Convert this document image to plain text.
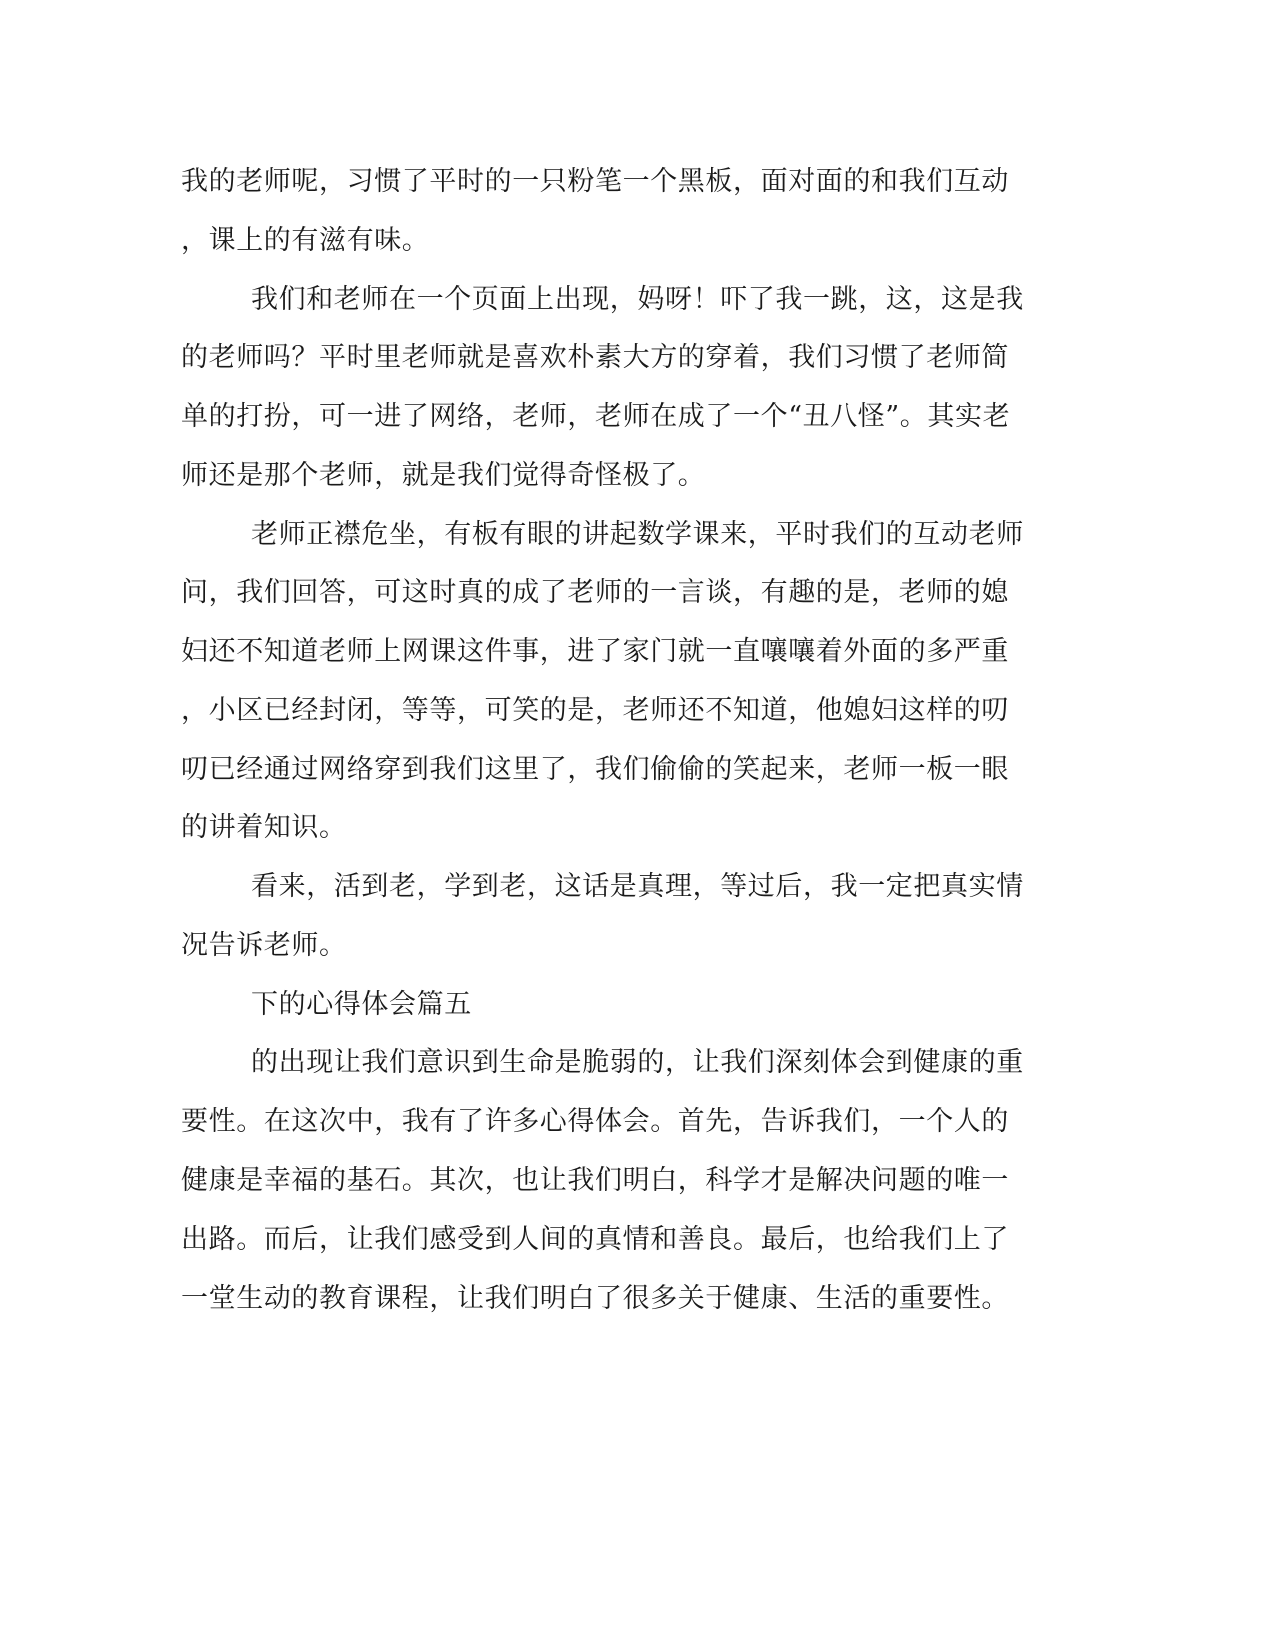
我的老师呢，习惯了平时的一只粉笔一个黑板，面对面的和我们互动
，课上的有滋有味。
我们和老师在一个页面上出现，妈呀！吓了我一跳，这，这是我
的老师吗？平时里老师就是喜欢朴素大方的穿着，我们习惯了老师简
单的打扮，可一进了网络，老师，老师在成了一个“丑八怪”。其实老
师还是那个老师，就是我们觉得奇怪极了。
老师正襟危坐，有板有眼的讲起数学课来，平时我们的互动老师
问，我们回答，可这时真的成了老师的一言谈，有趣的是，老师的媳
妇还不知道老师上网课这件事，进了家门就一直嚷嚷着外面的多严重
，小区已经封闭，等等，可笑的是，老师还不知道，他媳妇这样的叨
叨已经通过网络穿到我们这里了，我们偷偷的笑起来，老师一板一眼
的讲着知识。
看来，活到老，学到老，这话是真理，等过后，我一定把真实情
况告诉老师。
下的心得体会篇五
的出现让我们意识到生命是脆弱的，让我们深刻体会到健康的重
要性。在这次中，我有了许多心得体会。首先，告诉我们，一个人的
健康是幸福的基石。其次，也让我们明白，科学才是解决问题的唯一
出路。而后，让我们感受到人间的真情和善良。最后，也给我们上了
一堂生动的教育课程，让我们明白了很多关于健康、生活的重要性。
